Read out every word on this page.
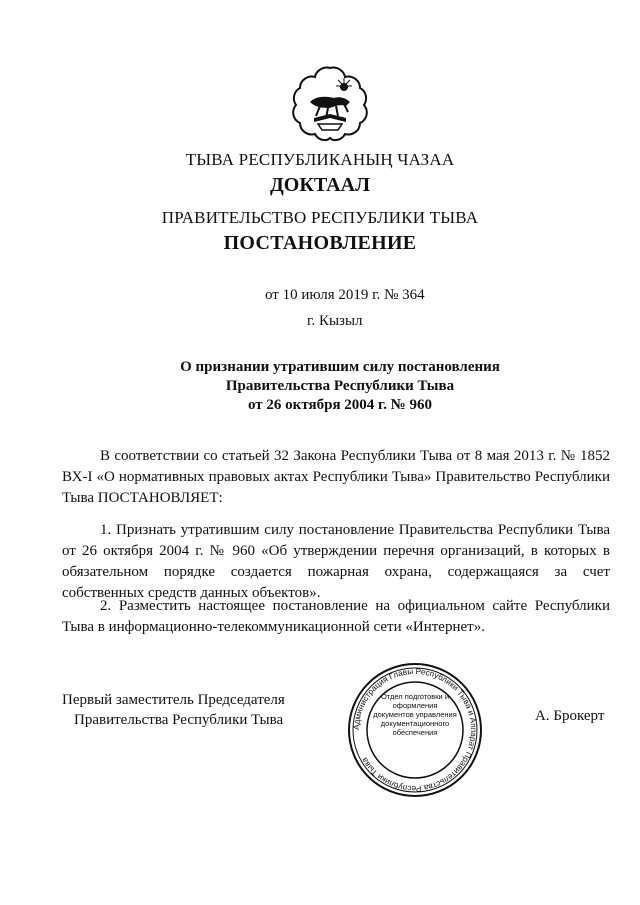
ТЫВА РЕСПУБЛИКАНЫҢ ЧАЗАА
ДОКТААЛ
ПРАВИТЕЛЬСТВО РЕСПУБЛИКИ ТЫВА
ПОСТАНОВЛЕНИЕ
от 10 июля 2019 г. № 364
г. Кызыл
О признании утратившим силу постановления
Правительства Республики Тыва
от 26 октября 2004 г. № 960

В соответствии со статьей 32 Закона Республики Тыва от 8 мая 2013 г. № 1852 ВХ-I «О нормативных правовых актах Республики Тыва» Правительство Республики Тыва ПОСТАНОВЛЯЕТ:

1. Признать утратившим силу постановление Правительства Республики Тыва от 26 октября 2004 г. № 960 «Об утверждении перечня организаций, в которых в обязательном порядке создается пожарная охрана, содержащаяся за счет собственных средств данных объектов».

2. Разместить настоящее постановление на официальном сайте Республики Тыва в информационно-телекоммуникационной сети «Интернет».

Первый заместитель Председателя
Правительства Республики Тыва	А. Брокерт
Администрация Главы Республики Тыва и Аппарат Правительства Республики Тыва
Отдел подготовки и оформления документов управления документационного обеспечения
